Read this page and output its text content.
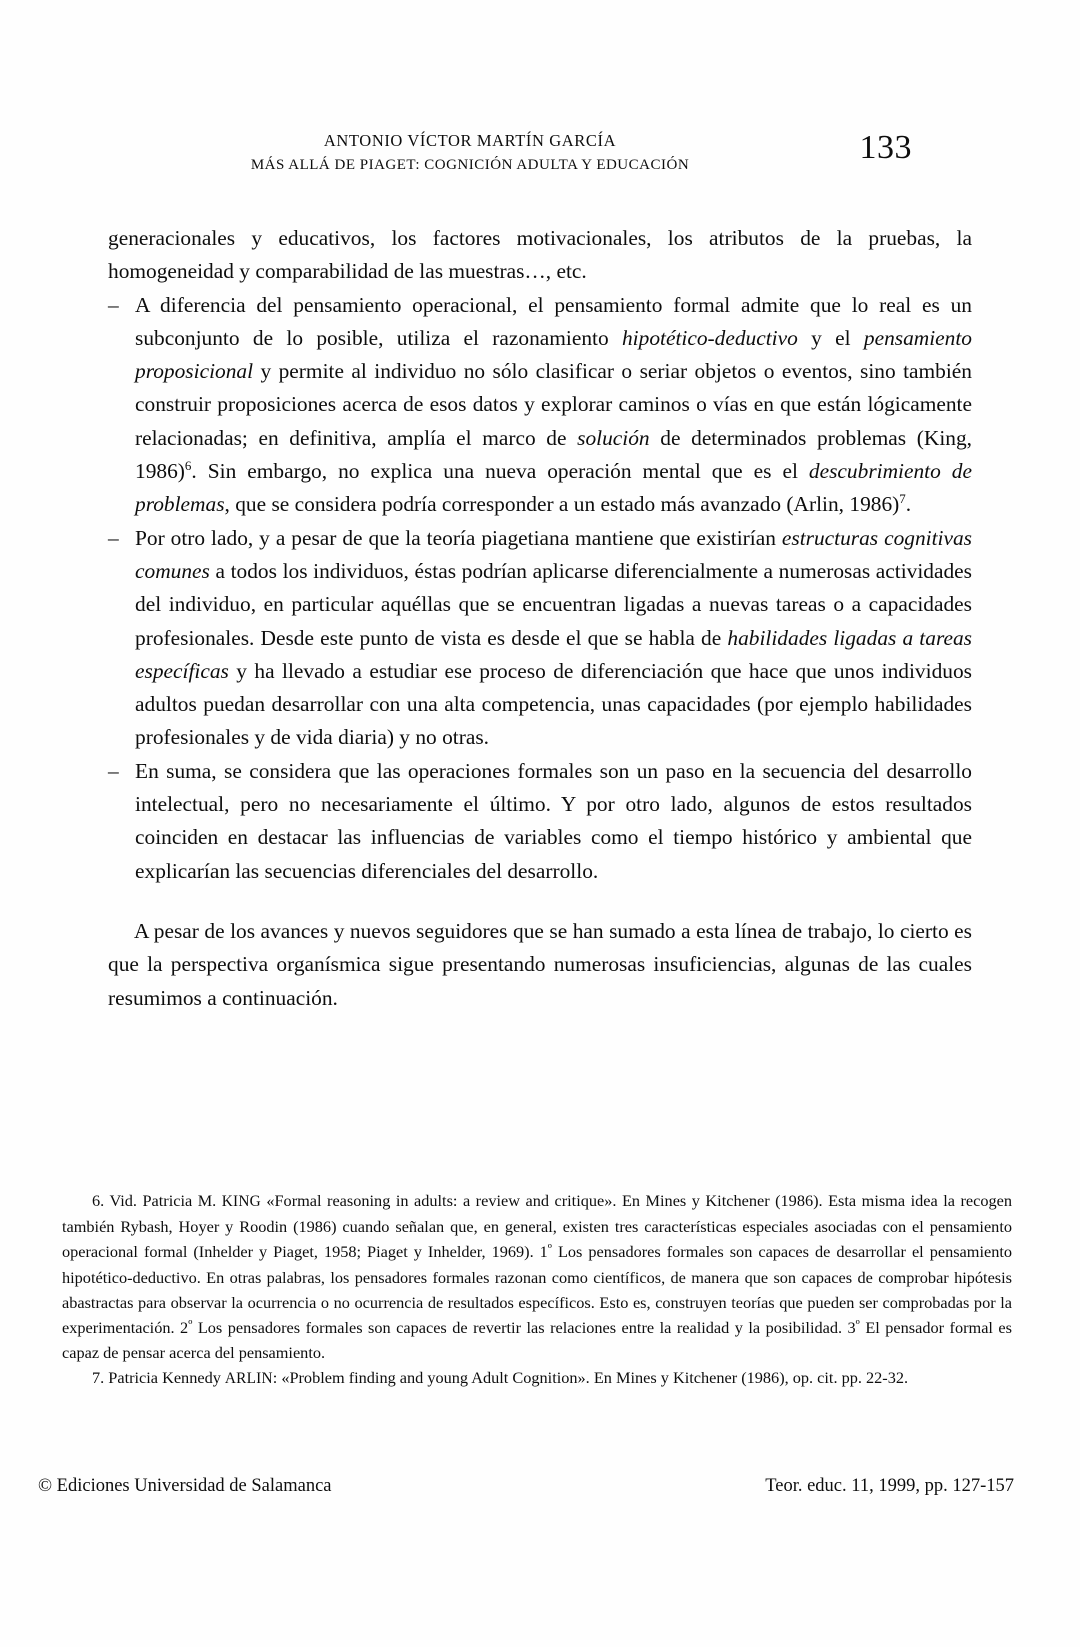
ANTONIO VÍCTOR MARTÍN GARCÍA
MÁS ALLÁ DE PIAGET: COGNICIÓN ADULTA Y EDUCACIÓN	133

generacionales y educativos, los factores motivacionales, los atributos de la pruebas, la homogeneidad y comparabilidad de las muestras…, etc.

– A diferencia del pensamiento operacional, el pensamiento formal admite que lo real es un subconjunto de lo posible, utiliza el razonamiento hipotético-deductivo y el pensamiento proposicional y permite al individuo no sólo clasificar o seriar objetos o eventos, sino también construir proposiciones acerca de esos datos y explorar caminos o vías en que están lógicamente relacionadas; en definitiva, amplía el marco de solución de determinados problemas (King, 1986)$^6$. Sin embargo, no explica una nueva operación mental que es el descubrimiento de problemas, que se considera podría corresponder a un estado más avanzado (Arlin, 1986)$^7$.

– Por otro lado, y a pesar de que la teoría piagetiana mantiene que existirían estructuras cognitivas comunes a todos los individuos, éstas podrían aplicarse diferencialmente a numerosas actividades del individuo, en particular aquéllas que se encuentran ligadas a nuevas tareas o a capacidades profesionales. Desde este punto de vista es desde el que se habla de habilidades ligadas a tareas específicas y ha llevado a estudiar ese proceso de diferenciación que hace que unos individuos adultos puedan desarrollar con una alta competencia, unas capacidades (por ejemplo habilidades profesionales y de vida diaria) y no otras.

– En suma, se considera que las operaciones formales son un paso en la secuencia del desarrollo intelectual, pero no necesariamente el último. Y por otro lado, algunos de estos resultados coinciden en destacar las influencias de variables como el tiempo histórico y ambiental que explicarían las secuencias diferenciales del desarrollo.

A pesar de los avances y nuevos seguidores que se han sumado a esta línea de trabajo, lo cierto es que la perspectiva organísmica sigue presentando numerosas insuficiencias, algunas de las cuales resumimos a continuación.

6. Vid. Patricia M. KING «Formal reasoning in adults: a review and critique». En Mines y Kitchener (1986). Esta misma idea la recogen también Rybash, Hoyer y Roodin (1986) cuando señalan que, en general, existen tres características especiales asociadas con el pensamiento operacional formal (Inhelder y Piaget, 1958; Piaget y Inhelder, 1969). $1^º$ Los pensadores formales son capaces de desarrollar el pensamiento hipotético-deductivo. En otras palabras, los pensadores formales razonan como científicos, de manera que son capaces de comprobar hipótesis abastractas para observar la ocurrencia o no ocurrencia de resultados específicos. Esto es, construyen teorías que pueden ser comprobadas por la experimentación. $2^º$ Los pensadores formales son capaces de revertir las relaciones entre la realidad y la posibilidad. $3^º$ El pensador formal es capaz de pensar acerca del pensamiento.

7. Patricia Kennedy ARLIN: «Problem finding and young Adult Cognition». En Mines y Kitchener (1986), op. cit. pp. 22-32.

© Ediciones Universidad de Salamanca	Teor. educ. 11, 1999, pp. 127-157
